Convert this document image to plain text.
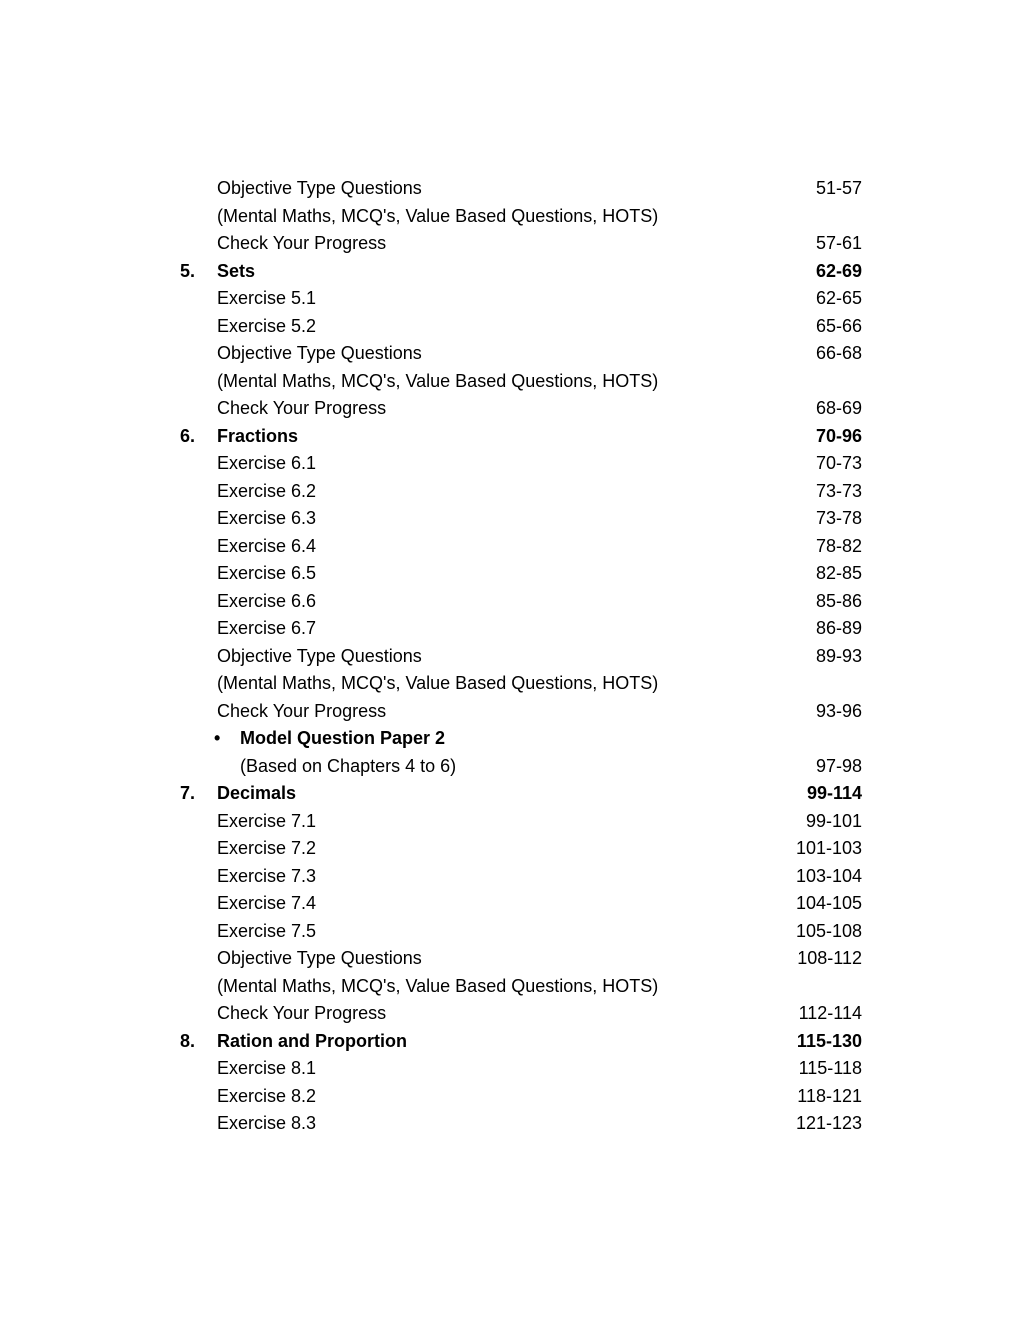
Objective Type Questions	51-57
(Mental Maths, MCQ's, Value Based Questions, HOTS)
Check Your Progress	57-61
5. Sets	62-69
Exercise 5.1	62-65
Exercise 5.2	65-66
Objective Type Questions	66-68
(Mental Maths, MCQ's, Value Based Questions, HOTS)
Check Your Progress	68-69
6. Fractions	70-96
Exercise 6.1	70-73
Exercise 6.2	73-73
Exercise 6.3	73-78
Exercise 6.4	78-82
Exercise 6.5	82-85
Exercise 6.6	85-86
Exercise 6.7	86-89
Objective Type Questions	89-93
(Mental Maths, MCQ's, Value Based Questions, HOTS)
Check Your Progress	93-96
• Model Question Paper 2
(Based on Chapters 4 to 6)	97-98
7. Decimals	99-114
Exercise 7.1	99-101
Exercise 7.2	101-103
Exercise 7.3	103-104
Exercise 7.4	104-105
Exercise 7.5	105-108
Objective Type Questions	108-112
(Mental Maths, MCQ's, Value Based Questions, HOTS)
Check Your Progress	112-114
8. Ration and Proportion	115-130
Exercise 8.1	115-118
Exercise 8.2	118-121
Exercise 8.3	121-123
